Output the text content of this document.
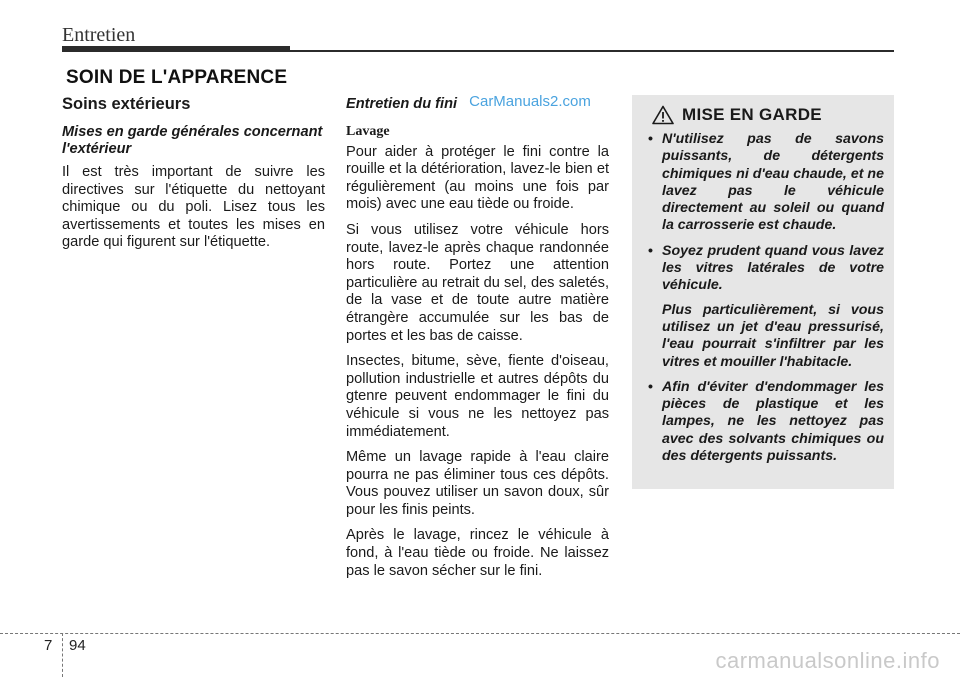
Entretien
SOIN DE L'APPARENCE
Soins extérieurs
Mises en garde générales concernant l'extérieur

Il est très important de suivre les directives sur l'étiquette du nettoyant chimique ou du poli. Lisez tous les avertissements et toutes les mises en garde qui figurent sur l'étiquette.

Entretien du fini CarManuals2.com
Lavage

Pour aider à protéger le fini contre la rouille et la détérioration, lavez-le bien et régulièrement (au moins une fois par mois) avec une eau tiède ou froide.

Si vous utilisez votre véhicule hors route, lavez-le après chaque randonnée hors route. Portez une attention particulière au retrait du sel, des saletés, de la vase et de toute autre matière étrangère accumulée sur les bas de portes et les bas de caisse.

Insectes, bitume, sève, fiente d'oiseau, pollution industrielle et autres dépôts du gtenre peuvent endommager le fini du véhicule si vous ne les nettoyez pas immédiatement.

Même un lavage rapide à l'eau claire pourra ne pas éliminer tous ces dépôts. Vous pouvez utiliser un savon doux, sûr pour les finis peints.

Après le lavage, rincez le véhicule à fond, à l'eau tiède ou froide. Ne laissez pas le savon sécher sur le fini.

MISE EN GARDE
• N'utilisez pas de savons puissants, de détergents chimiques ni d'eau chaude, et ne lavez pas le véhicule directement au soleil ou quand la carrosserie est chaude.
• Soyez prudent quand vous lavez les vitres latérales de votre véhicule.
Plus particulièrement, si vous utilisez un jet d'eau pressurisé, l'eau pourrait s'infiltrer par les vitres et mouiller l'habitacle.
• Afin d'éviter d'endommager les pièces de plastique et les lampes, ne les nettoyez pas avec des solvants chimiques ou des détergents puissants.
7 94
carmanualsonline.info
